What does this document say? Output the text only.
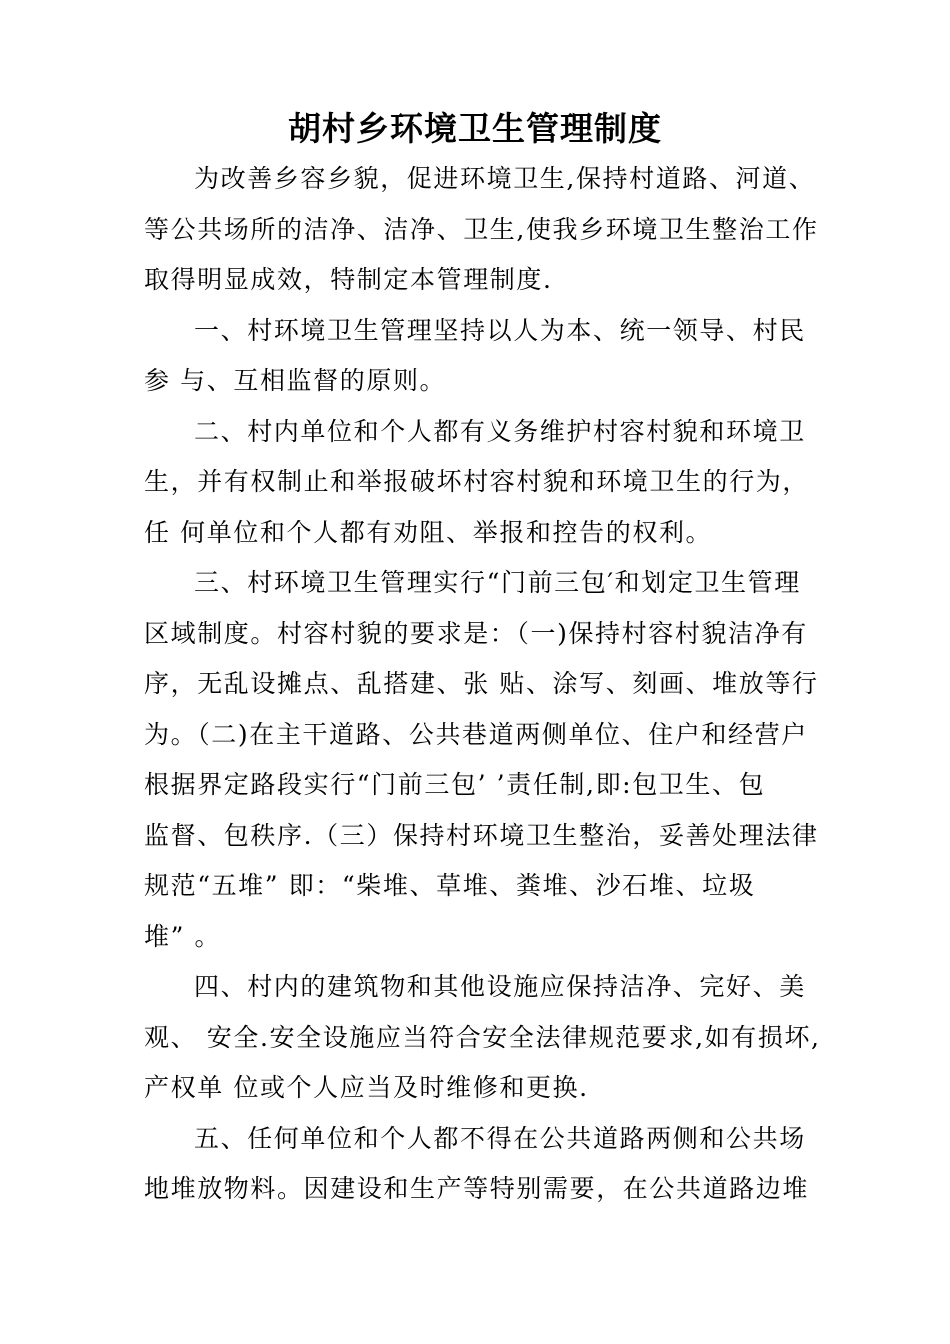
胡村乡环境卫生管理制度
为改善乡容乡貌，促进环境卫生,保持村道路、河道、
等公共场所的洁净、洁净、卫生,使我乡环境卫生整治工作
取得明显成效，特制定本管理制度.
一、村环境卫生管理坚持以人为本、统一领导、村民
参 与、互相监督的原则。
二、村内单位和个人都有义务维护村容村貌和环境卫
生，并有权制止和举报破坏村容村貌和环境卫生的行为，
任 何单位和个人都有劝阻、举报和控告的权利。
三、村环境卫生管理实行“门前三包′和划定卫生管理
区域制度。村容村貌的要求是：（一)保持村容村貌洁净有
序，无乱设摊点、乱搭建、张 贴、涂写、刻画、堆放等行
为。（二)在主干道路、公共巷道两侧单位、住户和经营户
根据界定路段实行“门前三包’ ’责任制,即:包卫生、包
监督、包秩序.（三）保持村环境卫生整治，妥善处理法律
规范“五堆” 即：“柴堆、草堆、粪堆、沙石堆、垃圾
堆” 。
四、村内的建筑物和其他设施应保持洁净、完好、美
观、 安全.安全设施应当符合安全法律规范要求,如有损坏,
产权单 位或个人应当及时维修和更换.
五、任何单位和个人都不得在公共道路两侧和公共场
地堆放物料。因建设和生产等特别需要，在公共道路边堆
